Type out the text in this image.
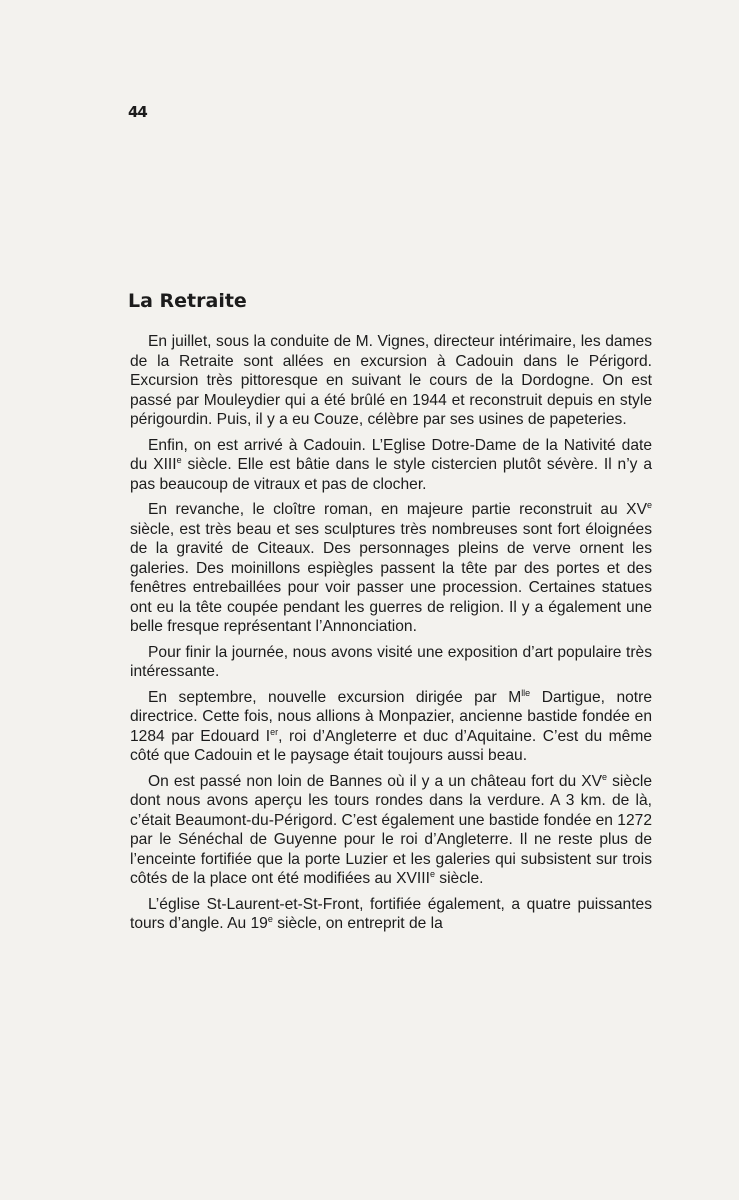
44
La Retraite

En juillet, sous la conduite de M. Vignes, directeur intérimaire, les dames de la Retraite sont allées en excursion à Cadouin dans le Périgord. Excursion très pittoresque en suivant le cours de la Dordogne. On est passé par Mouleydier qui a été brûlé en 1944 et reconstruit depuis en style périgourdin. Puis, il y a eu Couze, célèbre par ses usines de papeteries.

Enfin, on est arrivé à Cadouin. L’Eglise Dotre-Dame de la Nativité date du XIIIe siècle. Elle est bâtie dans le style cistercien plutôt sévère. Il n’y a pas beaucoup de vitraux et pas de clocher.

En revanche, le cloître roman, en majeure partie reconstruit au XVe siècle, est très beau et ses sculptures très nombreuses sont fort éloignées de la gravité de Citeaux. Des personnages pleins de verve ornent les galeries. Des moinillons espiègles passent la tête par des portes et des fenêtres entrebaillées pour voir passer une procession. Certaines statues ont eu la tête coupée pendant les guerres de religion. Il y a également une belle fresque représentant l’Annonciation.

Pour finir la journée, nous avons visité une exposition d’art populaire très intéressante.

En septembre, nouvelle excursion dirigée par $M^{lle}$ Dartigue, notre directrice. Cette fois, nous allions à Monpazier, ancienne bastide fondée en 1284 par Edouard Ier, roi d’Angleterre et duc d’Aquitaine. C’est du même côté que Cadouin et le paysage était toujours aussi beau.

On est passé non loin de Bannes où il y a un château fort du XVe siècle dont nous avons aperçu les tours rondes dans la verdure. A 3 km. de là, c’était Beaumont-du-Périgord. C’est également une bastide fondée en 1272 par le Sénéchal de Guyenne pour le roi d’Angleterre. Il ne reste plus de l’enceinte fortifiée que la porte Luzier et les galeries qui subsistent sur trois côtés de la place ont été modifiées au XVIIIe siècle.

L’église St-Laurent-et-St-Front, fortifiée également, a quatre puissantes tours d’angle. Au 19e siècle, on entreprit de la
